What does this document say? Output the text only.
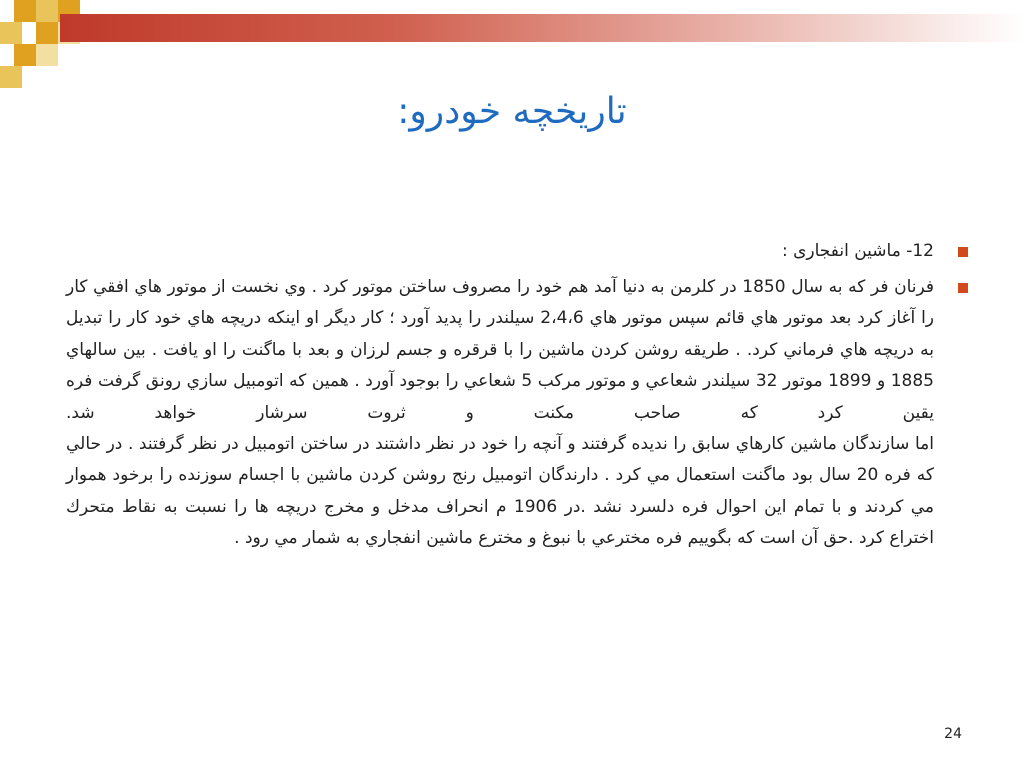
تاریخچه خودرو:

12- ماشین انفجاری :

فرنان فر كه به سال 1850 در كلرمن به دنيا آمد هم خود را مصروف ساختن موتور كرد . وي نخست از موتور هاي افقي كار را آغاز كرد بعد موتور هاي قائم سپس موتور هاي 2،4،6 سيلندر را پديد آورد ؛ كار ديگر او اينكه دريچه هاي خود كار را تبديل به دريچه هاي فرماني كرد. . طريقه روشن كردن ماشين را با قرقره و جسم لرزان و بعد با ماگنت را او يافت . بين سالهاي 1885 و 1899 موتور 32 سيلندر شعاعي و موتور مركب 5 شعاعي را بوجود آورد . همين كه اتومبيل سازي رونق گرفت فره يقين كرد كه صاحب مكنت و ثروت سرشار خواهد شد.

اما سازندگان ماشين كارهاي سابق را نديده گرفتند و آنچه را خود در نظر داشتند در ساختن اتومبيل در نظر گرفتند . در حالي كه فره 20 سال بود ماگنت استعمال مي كرد . دارندگان اتومبيل رنج روشن كردن ماشين با اجسام سوزنده را برخود هموار مي كردند و با تمام اين احوال فره دلسرد نشد .در 1906 م انحراف مدخل و مخرج دريچه ها را نسبت به نقاط متحرك اختراع كرد .حق آن است كه بگوييم فره مخترعي با نبوغ و مخترع ماشين انفجاري به شمار مي رود .

24
